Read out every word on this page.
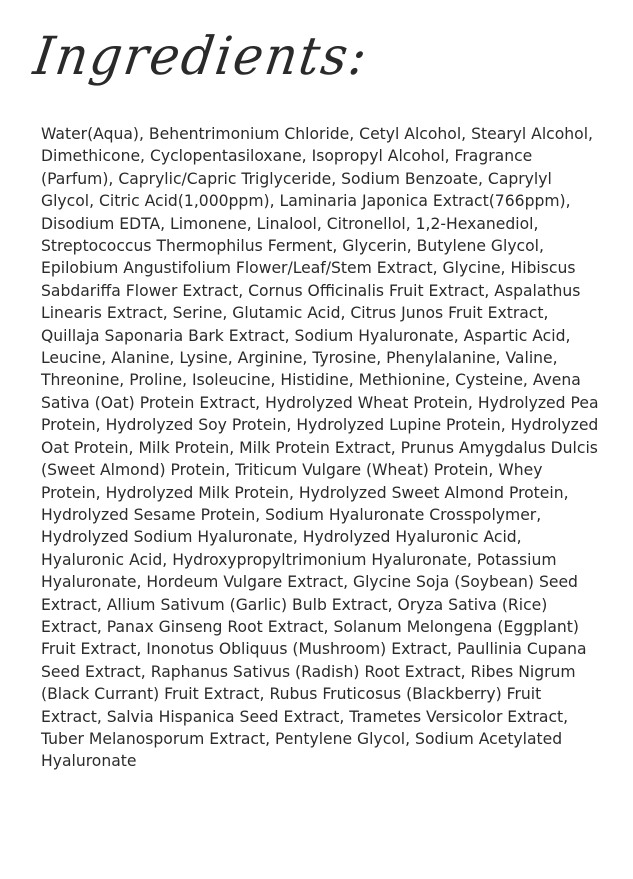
Ingredients:

Water(Aqua), Behentrimonium Chloride, Cetyl Alcohol, Stearyl Alcohol, Dimethicone, Cyclopentasiloxane, Isopropyl Alcohol, Fragrance (Parfum), Caprylic/Capric Triglyceride, Sodium Benzoate, Caprylyl Glycol, Citric Acid(1,000ppm), Laminaria Japonica Extract(766ppm), Disodium EDTA, Limonene, Linalool, Citronellol, 1,2-Hexanediol, Streptococcus Thermophilus Ferment, Glycerin, Butylene Glycol, Epilobium Angustifolium Flower/Leaf/Stem Extract, Glycine, Hibiscus Sabdariffa Flower Extract, Cornus Officinalis Fruit Extract, Aspalathus Linearis Extract, Serine, Glutamic Acid, Citrus Junos Fruit Extract, Quillaja Saponaria Bark Extract, Sodium Hyaluronate, Aspartic Acid, Leucine, Alanine, Lysine, Arginine, Tyrosine, Phenylalanine, Valine, Threonine, Proline, Isoleucine, Histidine, Methionine, Cysteine, Avena Sativa (Oat) Protein Extract, Hydrolyzed Wheat Protein, Hydrolyzed Pea Protein, Hydrolyzed Soy Protein, Hydrolyzed Lupine Protein, Hydrolyzed Oat Protein, Milk Protein, Milk Protein Extract, Prunus Amygdalus Dulcis (Sweet Almond) Protein, Triticum Vulgare (Wheat) Protein, Whey Protein, Hydrolyzed Milk Protein, Hydrolyzed Sweet Almond Protein, Hydrolyzed Sesame Protein, Sodium Hyaluronate Crosspolymer, Hydrolyzed Sodium Hyaluronate, Hydrolyzed Hyaluronic Acid, Hyaluronic Acid, Hydroxypropyltrimonium Hyaluronate, Potassium Hyaluronate, Hordeum Vulgare Extract, Glycine Soja (Soybean) Seed Extract, Allium Sativum (Garlic) Bulb Extract, Oryza Sativa (Rice) Extract, Panax Ginseng Root Extract, Solanum Melongena (Eggplant) Fruit Extract, Inonotus Obliquus (Mushroom) Extract, Paullinia Cupana Seed Extract, Raphanus Sativus (Radish) Root Extract, Ribes Nigrum (Black Currant) Fruit Extract, Rubus Fruticosus (Blackberry) Fruit Extract, Salvia Hispanica Seed Extract, Trametes Versicolor Extract, Tuber Melanosporum Extract, Pentylene Glycol, Sodium Acetylated Hyaluronate
